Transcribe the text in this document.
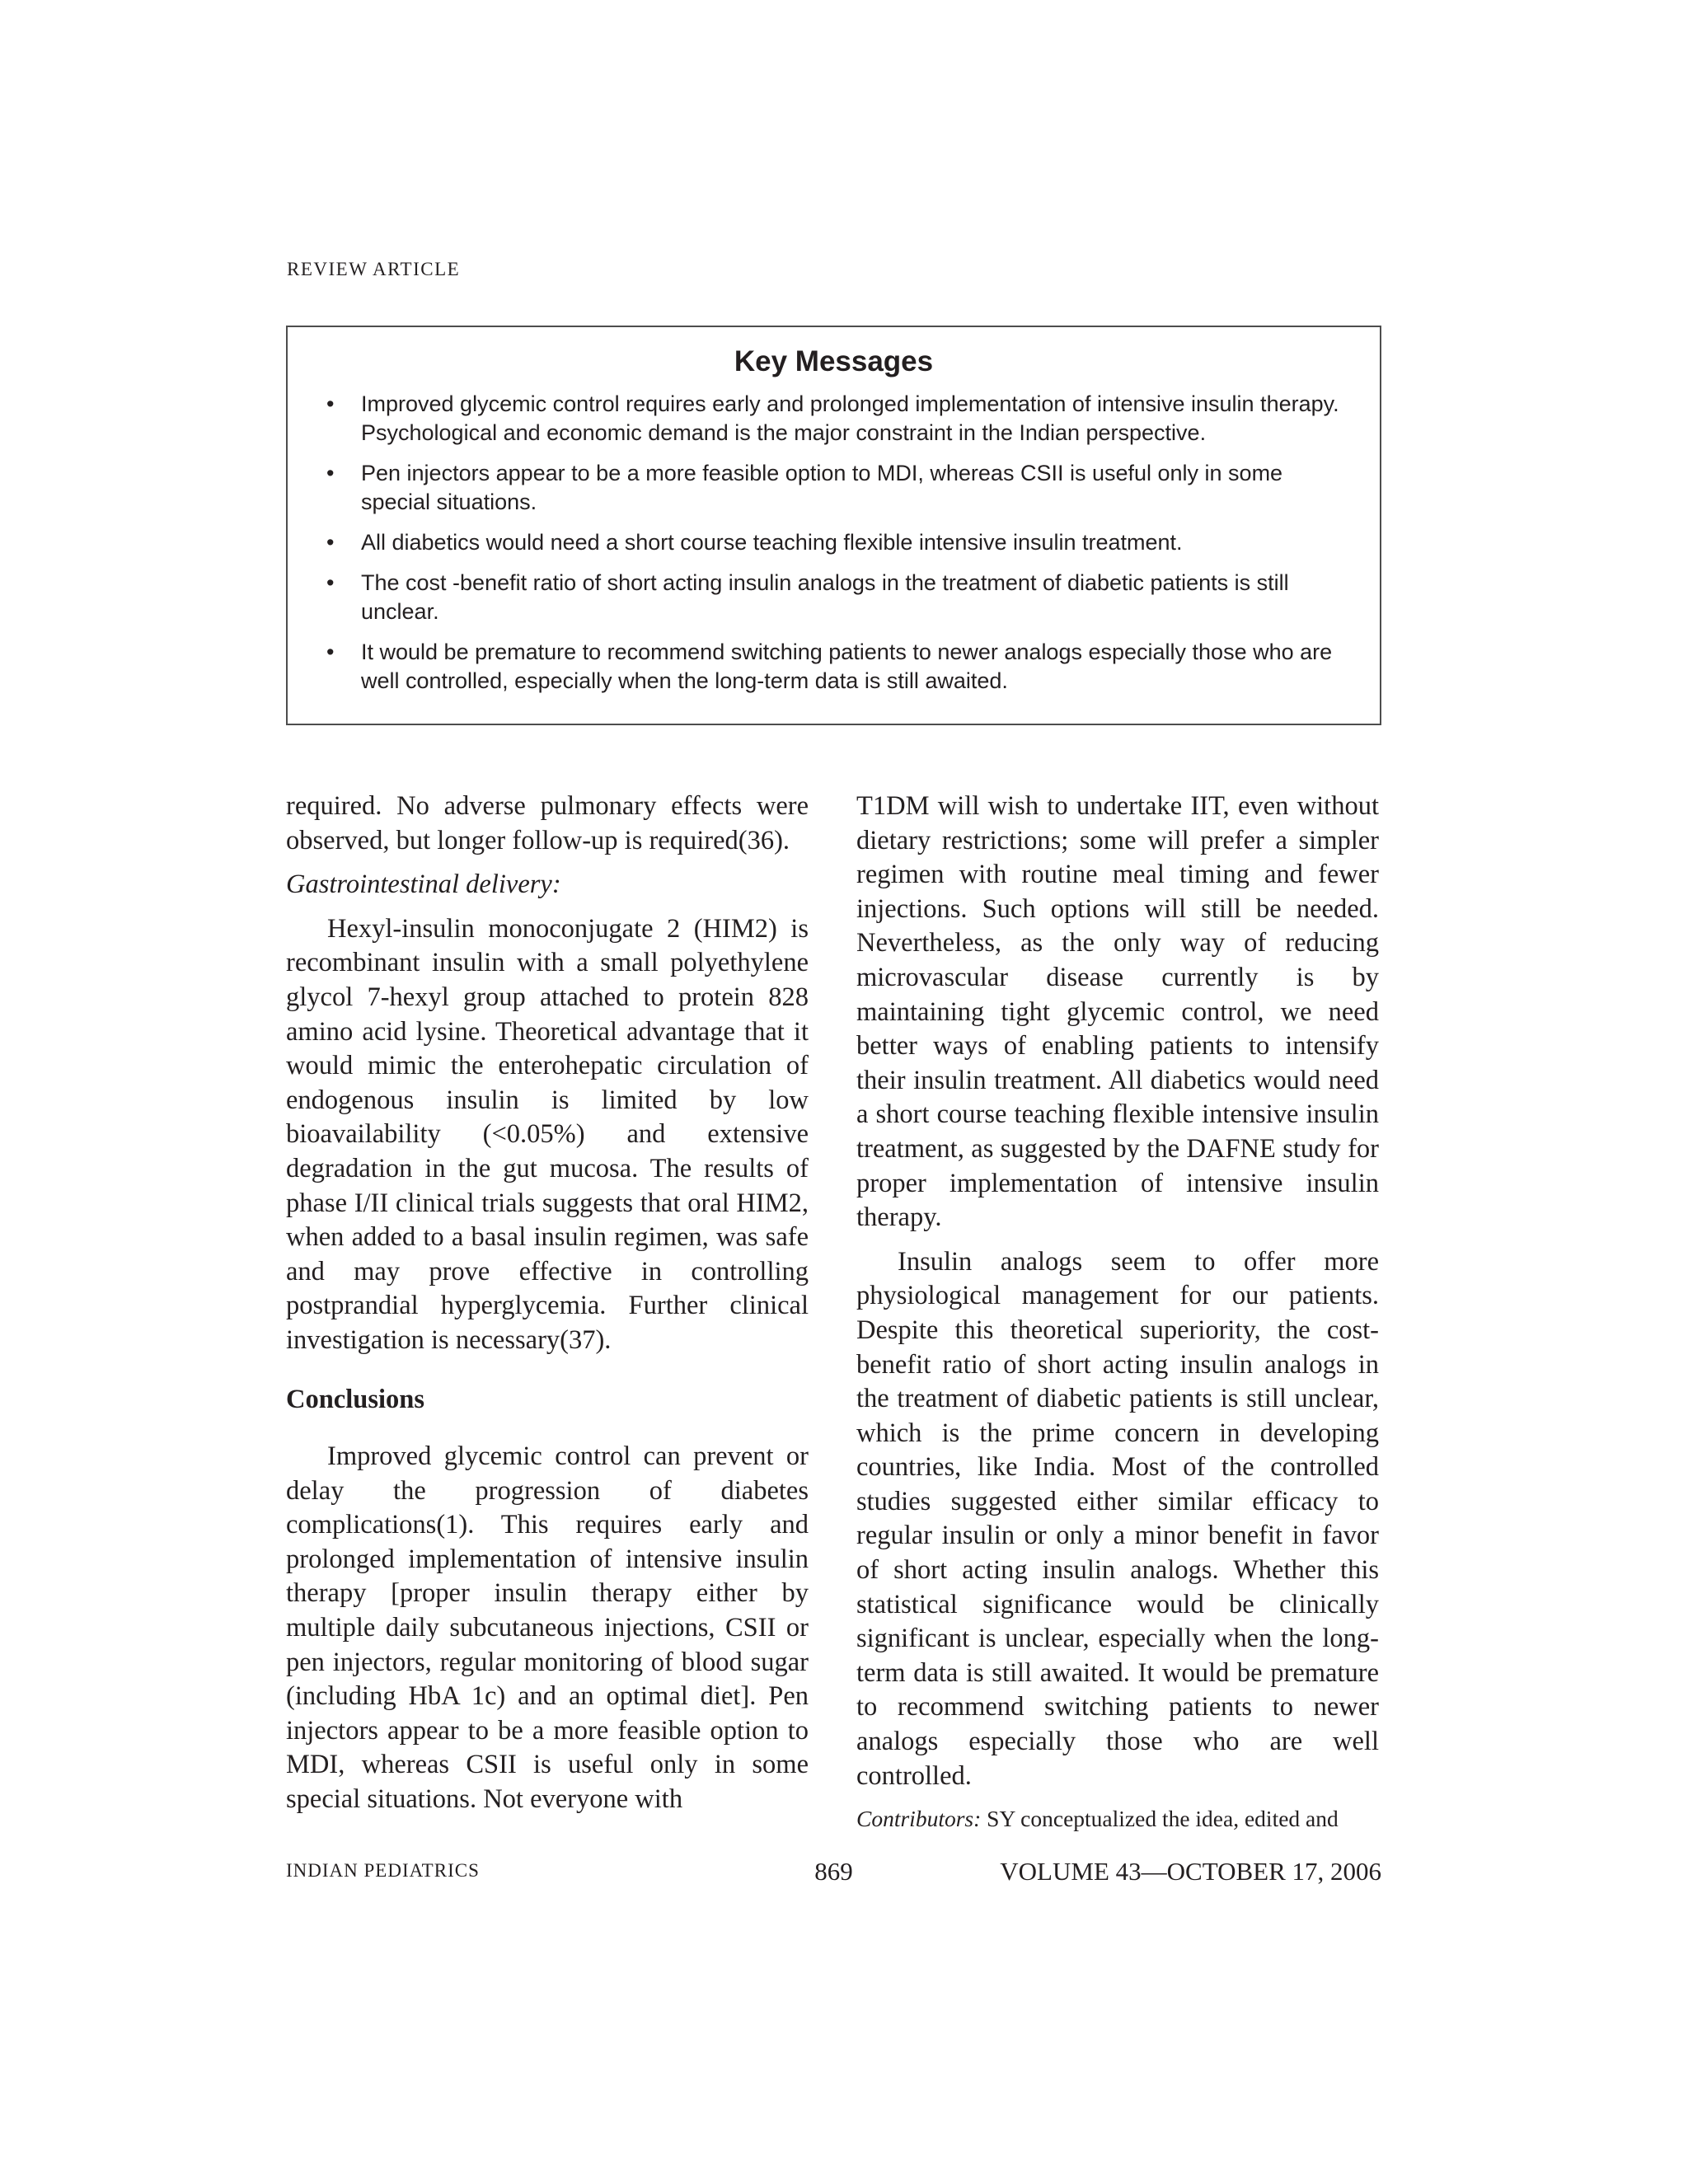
REVIEW ARTICLE
Key Messages
• Improved glycemic control requires early and prolonged implementation of intensive insulin therapy. Psychological and economic demand is the major constraint in the Indian perspective.
• Pen injectors appear to be a more feasible option to MDI, whereas CSII is useful only in some special situations.
• All diabetics would need a short course teaching flexible intensive insulin treatment.
• The cost -benefit ratio of short acting insulin analogs in the treatment of diabetic patients is still unclear.
• It would be premature to recommend switching patients to newer analogs especially those who are well controlled, especially when the long-term data is still awaited.

required. No adverse pulmonary effects were observed, but longer follow-up is required(36).

Gastrointestinal delivery:

Hexyl-insulin monoconjugate 2 (HIM2) is recombinant insulin with a small polyethylene glycol 7-hexyl group attached to protein 828 amino acid lysine. Theoretical advantage that it would mimic the enterohepatic circulation of endogenous insulin is limited by low bioavailability (<0.05%) and extensive degradation in the gut mucosa. The results of phase I/II clinical trials suggests that oral HIM2, when added to a basal insulin regimen, was safe and may prove effective in controlling postprandial hyperglycemia. Further clinical investigation is necessary(37).

Conclusions

Improved glycemic control can prevent or delay the progression of diabetes complications(1). This requires early and prolonged implementation of intensive insulin therapy [proper insulin therapy either by multiple daily subcutaneous injections, CSII or pen injectors, regular monitoring of blood sugar (including HbA 1c) and an optimal diet]. Pen injectors appear to be a more feasible option to MDI, whereas CSII is useful only in some special situations. Not everyone with

T1DM will wish to undertake IIT, even without dietary restrictions; some will prefer a simpler regimen with routine meal timing and fewer injections. Such options will still be needed. Nevertheless, as the only way of reducing microvascular disease currently is by maintaining tight glycemic control, we need better ways of enabling patients to intensify their insulin treatment. All diabetics would need a short course teaching flexible intensive insulin treatment, as suggested by the DAFNE study for proper implementation of intensive insulin therapy.

Insulin analogs seem to offer more physiological management for our patients. Despite this theoretical superiority, the cost-benefit ratio of short acting insulin analogs in the treatment of diabetic patients is still unclear, which is the prime concern in developing countries, like India. Most of the controlled studies suggested either similar efficacy to regular insulin or only a minor benefit in favor of short acting insulin analogs. Whether this statistical significance would be clinically significant is unclear, especially when the long-term data is still awaited. It would be premature to recommend switching patients to newer analogs especially those who are well controlled.

Contributors: SY conceptualized the idea, edited and

INDIAN PEDIATRICS	869	VOLUME 43—OCTOBER 17, 2006
